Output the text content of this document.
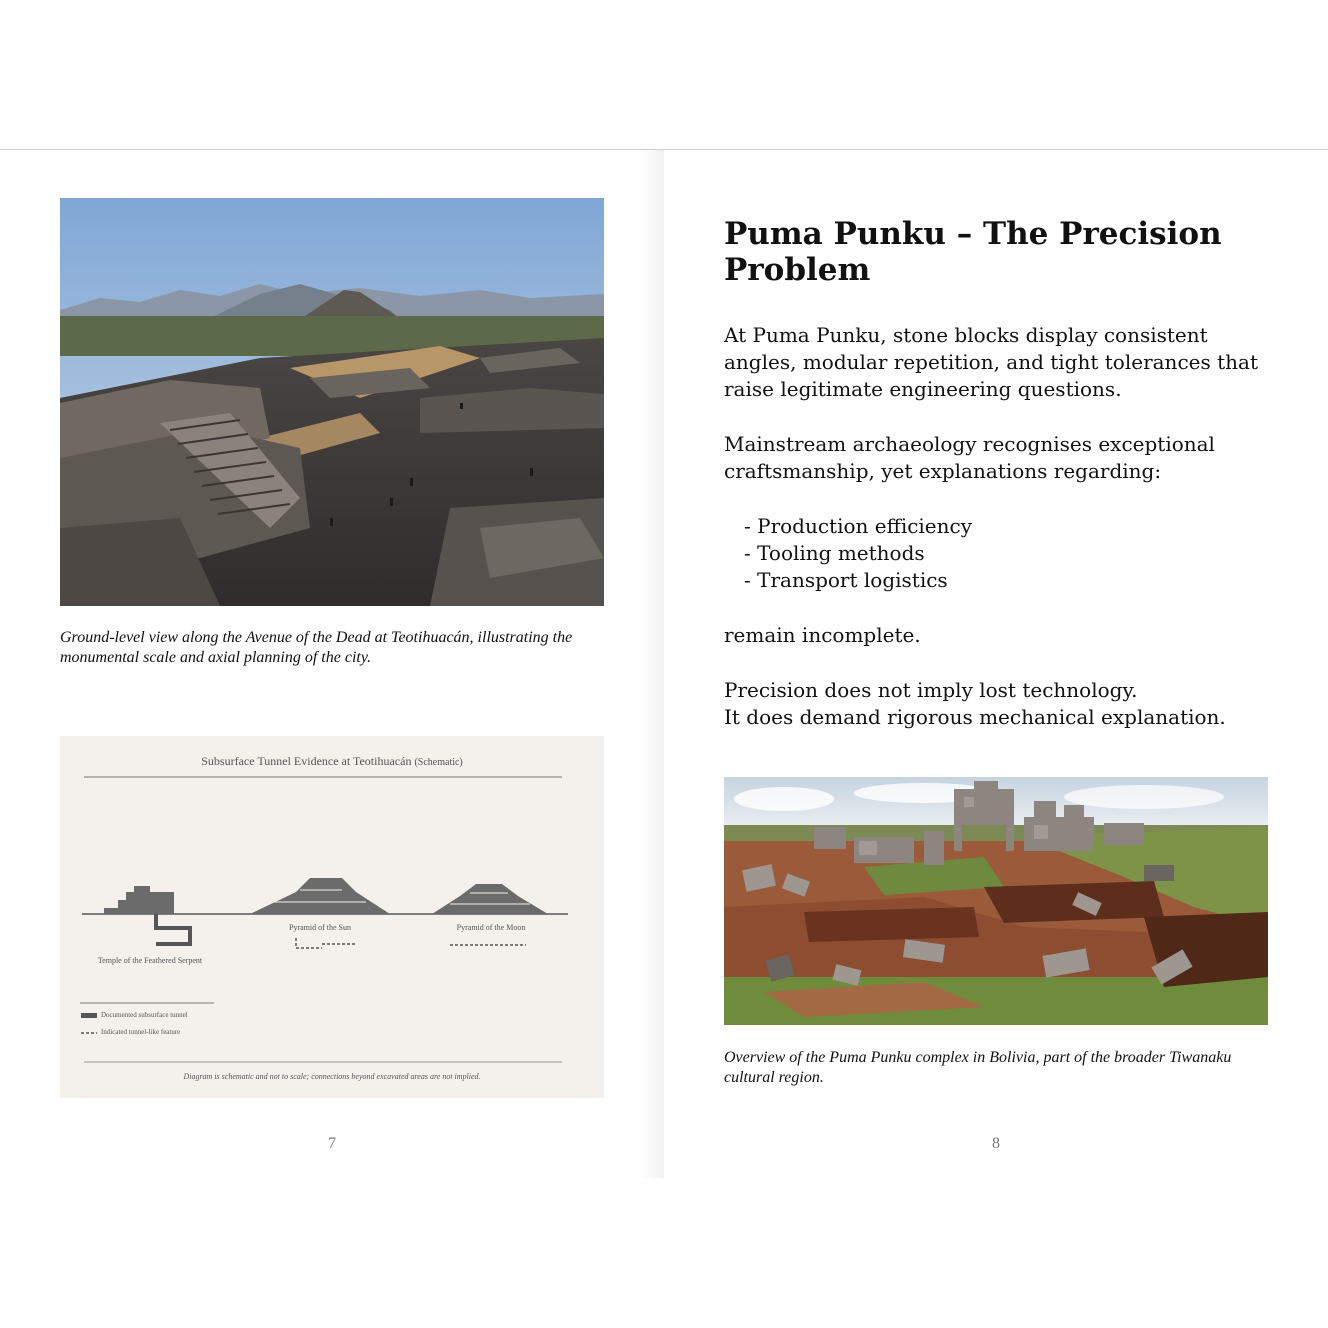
Ground-level view along the Avenue of the Dead at Teotihuacán, illustrating the monumental scale and axial planning of the city.
Subsurface Tunnel Evidence at Teotihuacán (Schematic)
Temple of the Feathered Serpent
Pyramid of the Sun	Pyramid of the Moon
Documented subsurface tunnel
Indicated tunnel-like feature
Diagram is schematic and not to scale; connections beyond excavated areas are not implied.
7
Puma Punku – The Precision Problem

At Puma Punku, stone blocks display consistent angles, modular repetition, and tight tolerances that raise legitimate engineering questions.

Mainstream archaeology recognises exceptional craftsmanship, yet explanations regarding:

- Production efficiency
- Tooling methods
- Transport logistics

remain incomplete.

Precision does not imply lost technology.

It does demand rigorous mechanical explanation.

Overview of the Puma Punku complex in Bolivia, part of the broader Tiwanaku cultural region.
8
